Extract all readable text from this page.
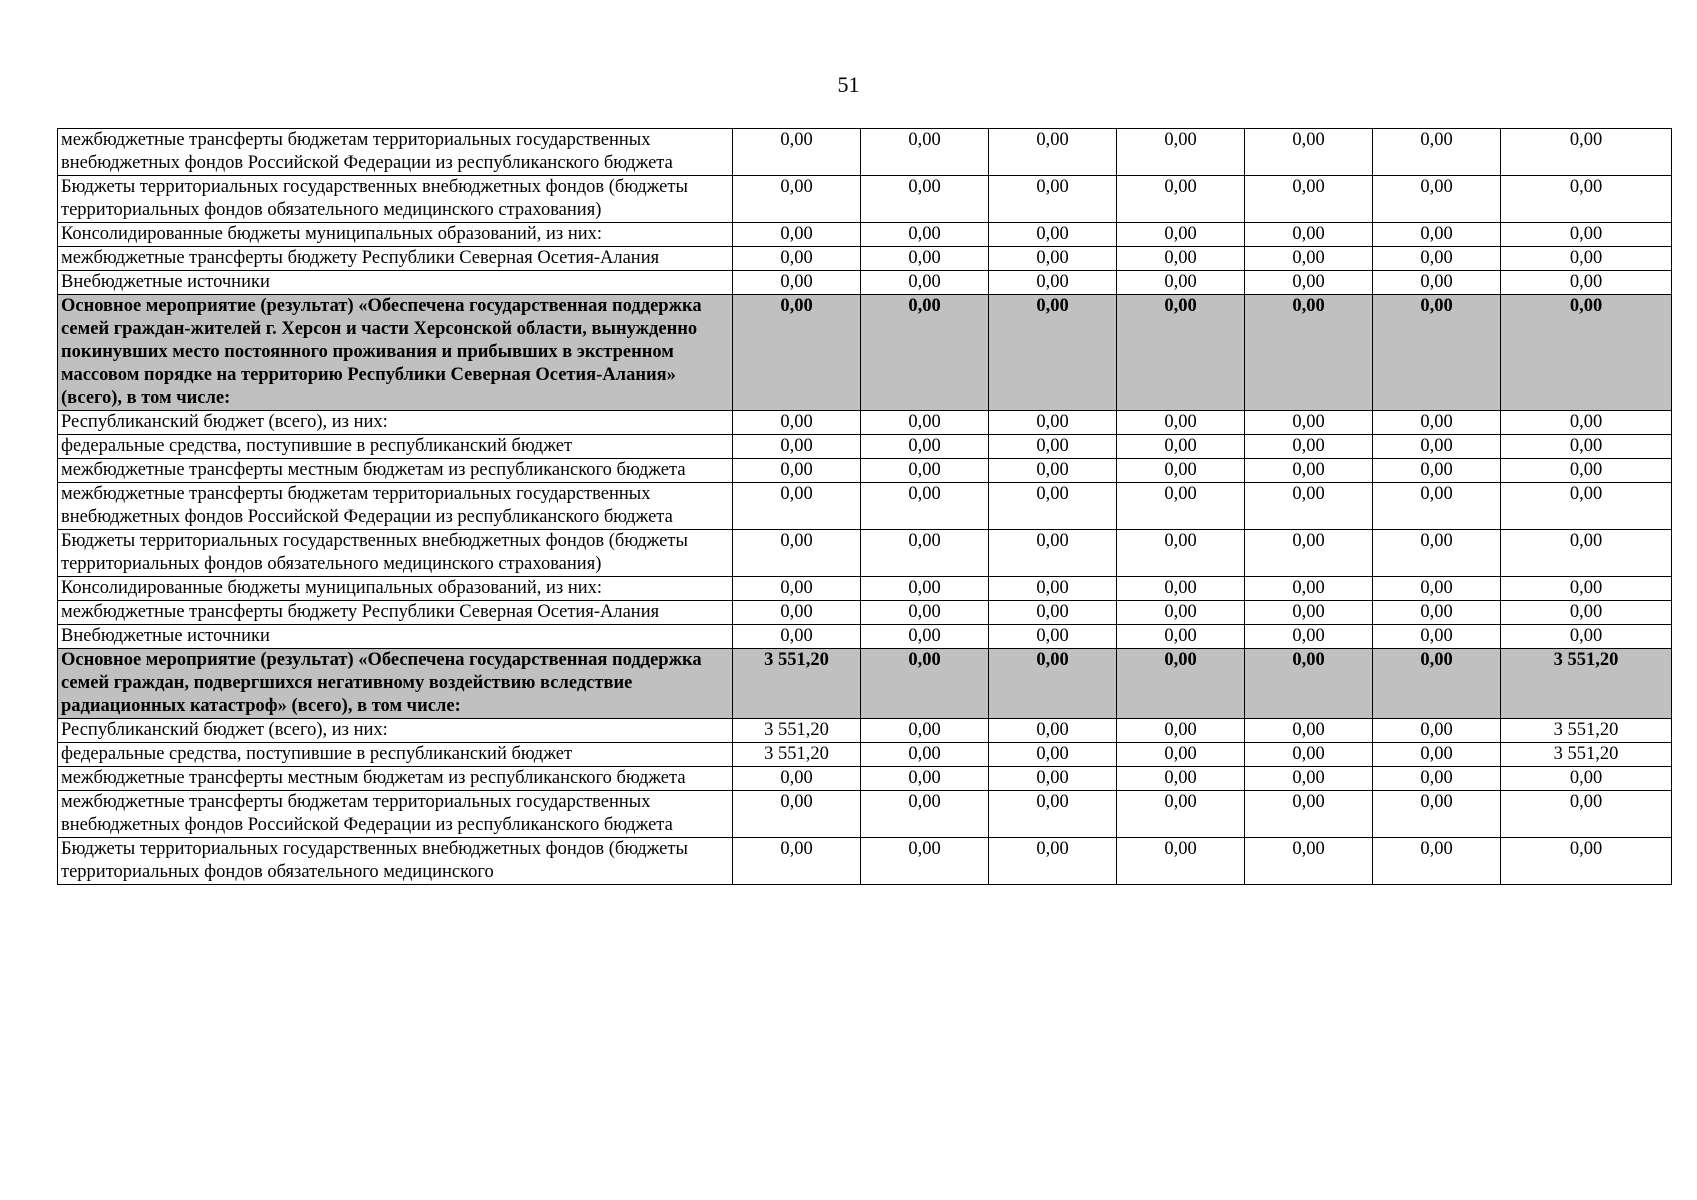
51
межбюджетные трансферты бюджетам территориальных государственных внебюджетных фондов Российской Федерации из республиканского бюджета	0,00	0,00	0,00	0,00	0,00	0,00	0,00
Бюджеты территориальных государственных внебюджетных фондов (бюджеты территориальных фондов обязательного медицинского страхования)	0,00	0,00	0,00	0,00	0,00	0,00	0,00
Консолидированные бюджеты муниципальных образований, из них:	0,00	0,00	0,00	0,00	0,00	0,00	0,00
межбюджетные трансферты бюджету Республики Северная Осетия-Алания	0,00	0,00	0,00	0,00	0,00	0,00	0,00
Внебюджетные источники	0,00	0,00	0,00	0,00	0,00	0,00	0,00
Основное мероприятие (результат) «Обеспечена государственная поддержка семей граждан-жителей г. Херсон и части Херсонской области, вынужденно покинувших место постоянного проживания и прибывших в экстренном массовом порядке на территорию Республики Северная Осетия-Алания» (всего), в том числе:	0,00	0,00	0,00	0,00	0,00	0,00	0,00
Республиканский бюджет (всего), из них:	0,00	0,00	0,00	0,00	0,00	0,00	0,00
федеральные средства, поступившие в республиканский бюджет	0,00	0,00	0,00	0,00	0,00	0,00	0,00
межбюджетные трансферты местным бюджетам из республиканского бюджета	0,00	0,00	0,00	0,00	0,00	0,00	0,00
межбюджетные трансферты бюджетам территориальных государственных внебюджетных фондов Российской Федерации из республиканского бюджета	0,00	0,00	0,00	0,00	0,00	0,00	0,00
Бюджеты территориальных государственных внебюджетных фондов (бюджеты территориальных фондов обязательного медицинского страхования)	0,00	0,00	0,00	0,00	0,00	0,00	0,00
Консолидированные бюджеты муниципальных образований, из них:	0,00	0,00	0,00	0,00	0,00	0,00	0,00
межбюджетные трансферты бюджету Республики Северная Осетия-Алания	0,00	0,00	0,00	0,00	0,00	0,00	0,00
Внебюджетные источники	0,00	0,00	0,00	0,00	0,00	0,00	0,00
Основное мероприятие (результат) «Обеспечена государственная поддержка семей граждан, подвергшихся негативному воздействию вследствие радиационных катастроф» (всего), в том числе:	3 551,20	0,00	0,00	0,00	0,00	0,00	3 551,20
Республиканский бюджет (всего), из них:	3 551,20	0,00	0,00	0,00	0,00	0,00	3 551,20
федеральные средства, поступившие в республиканский бюджет	3 551,20	0,00	0,00	0,00	0,00	0,00	3 551,20
межбюджетные трансферты местным бюджетам из республиканского бюджета	0,00	0,00	0,00	0,00	0,00	0,00	0,00
межбюджетные трансферты бюджетам территориальных государственных внебюджетных фондов Российской Федерации из республиканского бюджета	0,00	0,00	0,00	0,00	0,00	0,00	0,00
Бюджеты территориальных государственных внебюджетных фондов (бюджеты территориальных фондов обязательного медицинского	0,00	0,00	0,00	0,00	0,00	0,00	0,00
